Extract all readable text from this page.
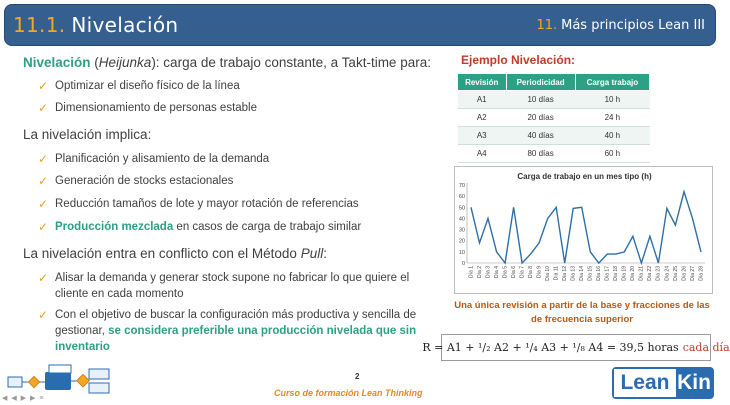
11.1. Nivelación	11. Más principios Lean III
Nivelación (Heijunka): carga de trabajo constante, a Takt-time para:
✓ Optimizar el diseño físico de la línea
✓ Dimensionamiento de personas estable
La nivelación implica:
✓ Planificación y alisamiento de la demanda
✓ Generación de stocks estacionales
✓ Reducción tamaños de lote y mayor rotación de referencias
✓ Producción mezclada en casos de carga de trabajo similar
La nivelación entra en conflicto con el Método Pull:
✓ Alisar la demanda y generar stock supone no fabricar lo que quiere el cliente en cada momento
✓ Con el objetivo de buscar la configuración más productiva y sencilla de gestionar, se considera preferible una producción nivelada que sin inventario
Ejemplo Nivelación:
Revisión	Periodicidad	Carga trabajo
A1	10 días	10 h
A2	20 días	24 h
A3	40 días	40 h
A4	80 días	60 h
Carga de trabajo en un mes tipo (h)
0
10
20
30
40
50
60
70
Día 1 Día 2 Día 3 Día 4 Día 5 Día 6 Día 7 Día 8 Día 9 Día 10 Día 11 Día 12 Día 13 Día 14 Día 15 Día 16 Día 17 Día 18 Día 19 Día 20 Día 21 Día 22 Día 23 Día 24 Día 25 Día 26 Día 27 Día 28
Una única revisión a partir de la base y fracciones de las de frecuencia superior
R = A1 + ¹/₂ A2 + ¹/₄ A3 + ¹/₈ A4 = 39,5 horas cada día
◀ ◀ ▶ ▶ ≡
2
Curso de formación Lean Thinking	Lean Kin
